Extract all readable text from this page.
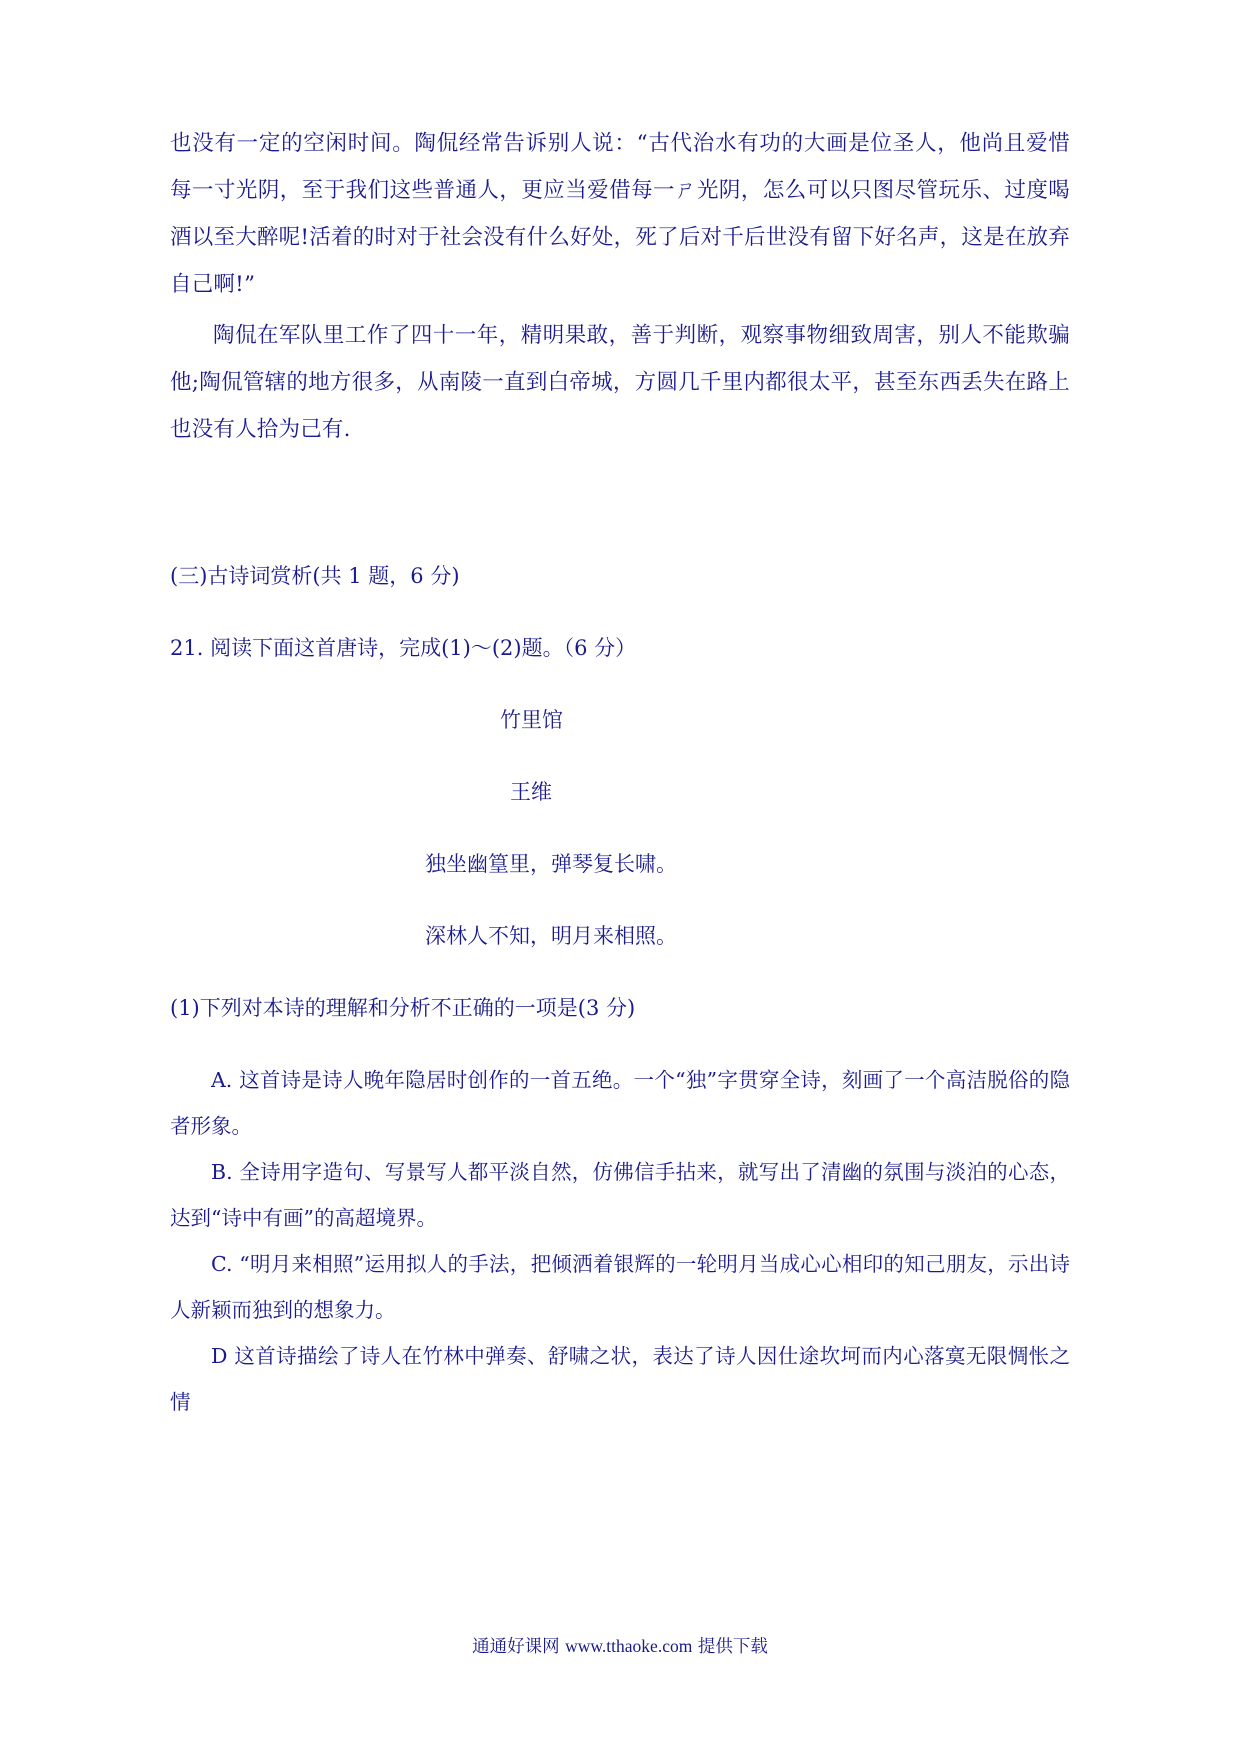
也没有一定的空闲时间。陶侃经常告诉别人说：“古代治水有功的大画是位圣人，他尚且爱惜每一寸光阴，至于我们这些普通人，更应当爱借每一ㄕ光阴，怎么可以只图尽管玩乐、过度喝酒以至大醉呢!活着的时对于社会没有什么好处，死了后对千后世没有留下好名声，这是在放弃自己啊!”

陶侃在军队里工作了四十一年，精明果敢，善于判断，观察事物细致周害，别人不能欺骗他;陶侃管辖的地方很多，从南陵一直到白帝城，方圆几千里内都很太平，甚至东西丢失在路上也没有人拾为己有.

(三)古诗词赏析(共 1 题，6 分)

21. 阅读下面这首唐诗，完成(1)～(2)题。（6 分）

竹里馆

王维

独坐幽篁里，弹琴复长啸。

深林人不知，明月来相照。

(1)下列对本诗的理解和分析不正确的一项是(3 分)

A. 这首诗是诗人晚年隐居时创作的一首五绝。一个“独”字贯穿全诗，刻画了一个高洁脱俗的隐者形象。

B. 全诗用字造句、写景写人都平淡自然，仿佛信手拈来，就写出了清幽的氛围与淡泊的心态，达到“诗中有画”的高超境界。

C. “明月来相照”运用拟人的手法，把倾洒着银辉的一轮明月当成心心相印的知己朋友，示出诗人新颖而独到的想象力。

D 这首诗描绘了诗人在竹林中弹奏、舒啸之状，表达了诗人因仕途坎坷而内心落寞无限惆怅之情

通通好课网 www.tthaoke.com 提供下载
